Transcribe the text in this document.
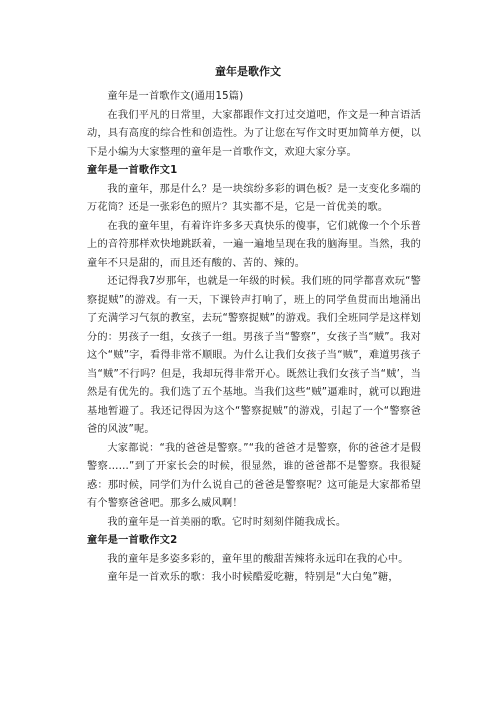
童年是歌作文

童年是一首歌作文(通用15篇)

在我们平凡的日常里，大家都跟作文打过交道吧，作文是一种言语活动，具有高度的综合性和创造性。为了让您在写作文时更加简单方便，以下是小编为大家整理的童年是一首歌作文，欢迎大家分享。

童年是一首歌作文1

我的童年，那是什么？是一块缤纷多彩的调色板？是一支变化多端的万花筒？还是一张彩色的照片？其实都不是，它是一首优美的歌。

在我的童年里，有着许许多多天真快乐的傻事，它们就像一个个乐普上的音符那样欢快地跳跃着，一遍一遍地呈现在我的脑海里。当然，我的童年不只是甜的，而且还有酸的、苦的、辣的。

还记得我7岁那年，也就是一年级的时候。我们班的同学都喜欢玩“警察捉贼”的游戏。有一天，下课铃声打响了，班上的同学鱼贯而出地涌出了充满学习气氛的教室，去玩“警察捉贼”的游戏。我们全班同学是这样划分的：男孩子一组，女孩子一组。男孩子当“警察”，女孩子当“贼”。我对这个“贼”字，看得非常不顺眼。为什么让我们女孩子当“贼”，难道男孩子当“贼”不行吗？但是，我却玩得非常开心。既然让我们女孩子当“贼’，当然是有优先的。我们选了五个基地。当我们这些“贼”逼难时，就可以跑进基地暂避了。我还记得因为这个“警察捉贼”的游戏，引起了一个“警察爸爸的风波”呢。

大家都说：“我的爸爸是警察。”“我的爸爸才是警察，你的爸爸才是假警察……”到了开家长会的时候，很显然，谁的爸爸都不是警察。我很疑惑：那时候，同学们为什么说自己的爸爸是警察呢？这可能是大家都希望有个警察爸爸吧。那多么威风啊！

我的童年是一首美丽的歌。它时时刻刻伴随我成长。

童年是一首歌作文2

我的童年是多姿多彩的，童年里的酸甜苦辣将永远印在我的心中。

童年是一首欢乐的歌：我小时候酷爱吃糖，特别是“大白兔”糖，
